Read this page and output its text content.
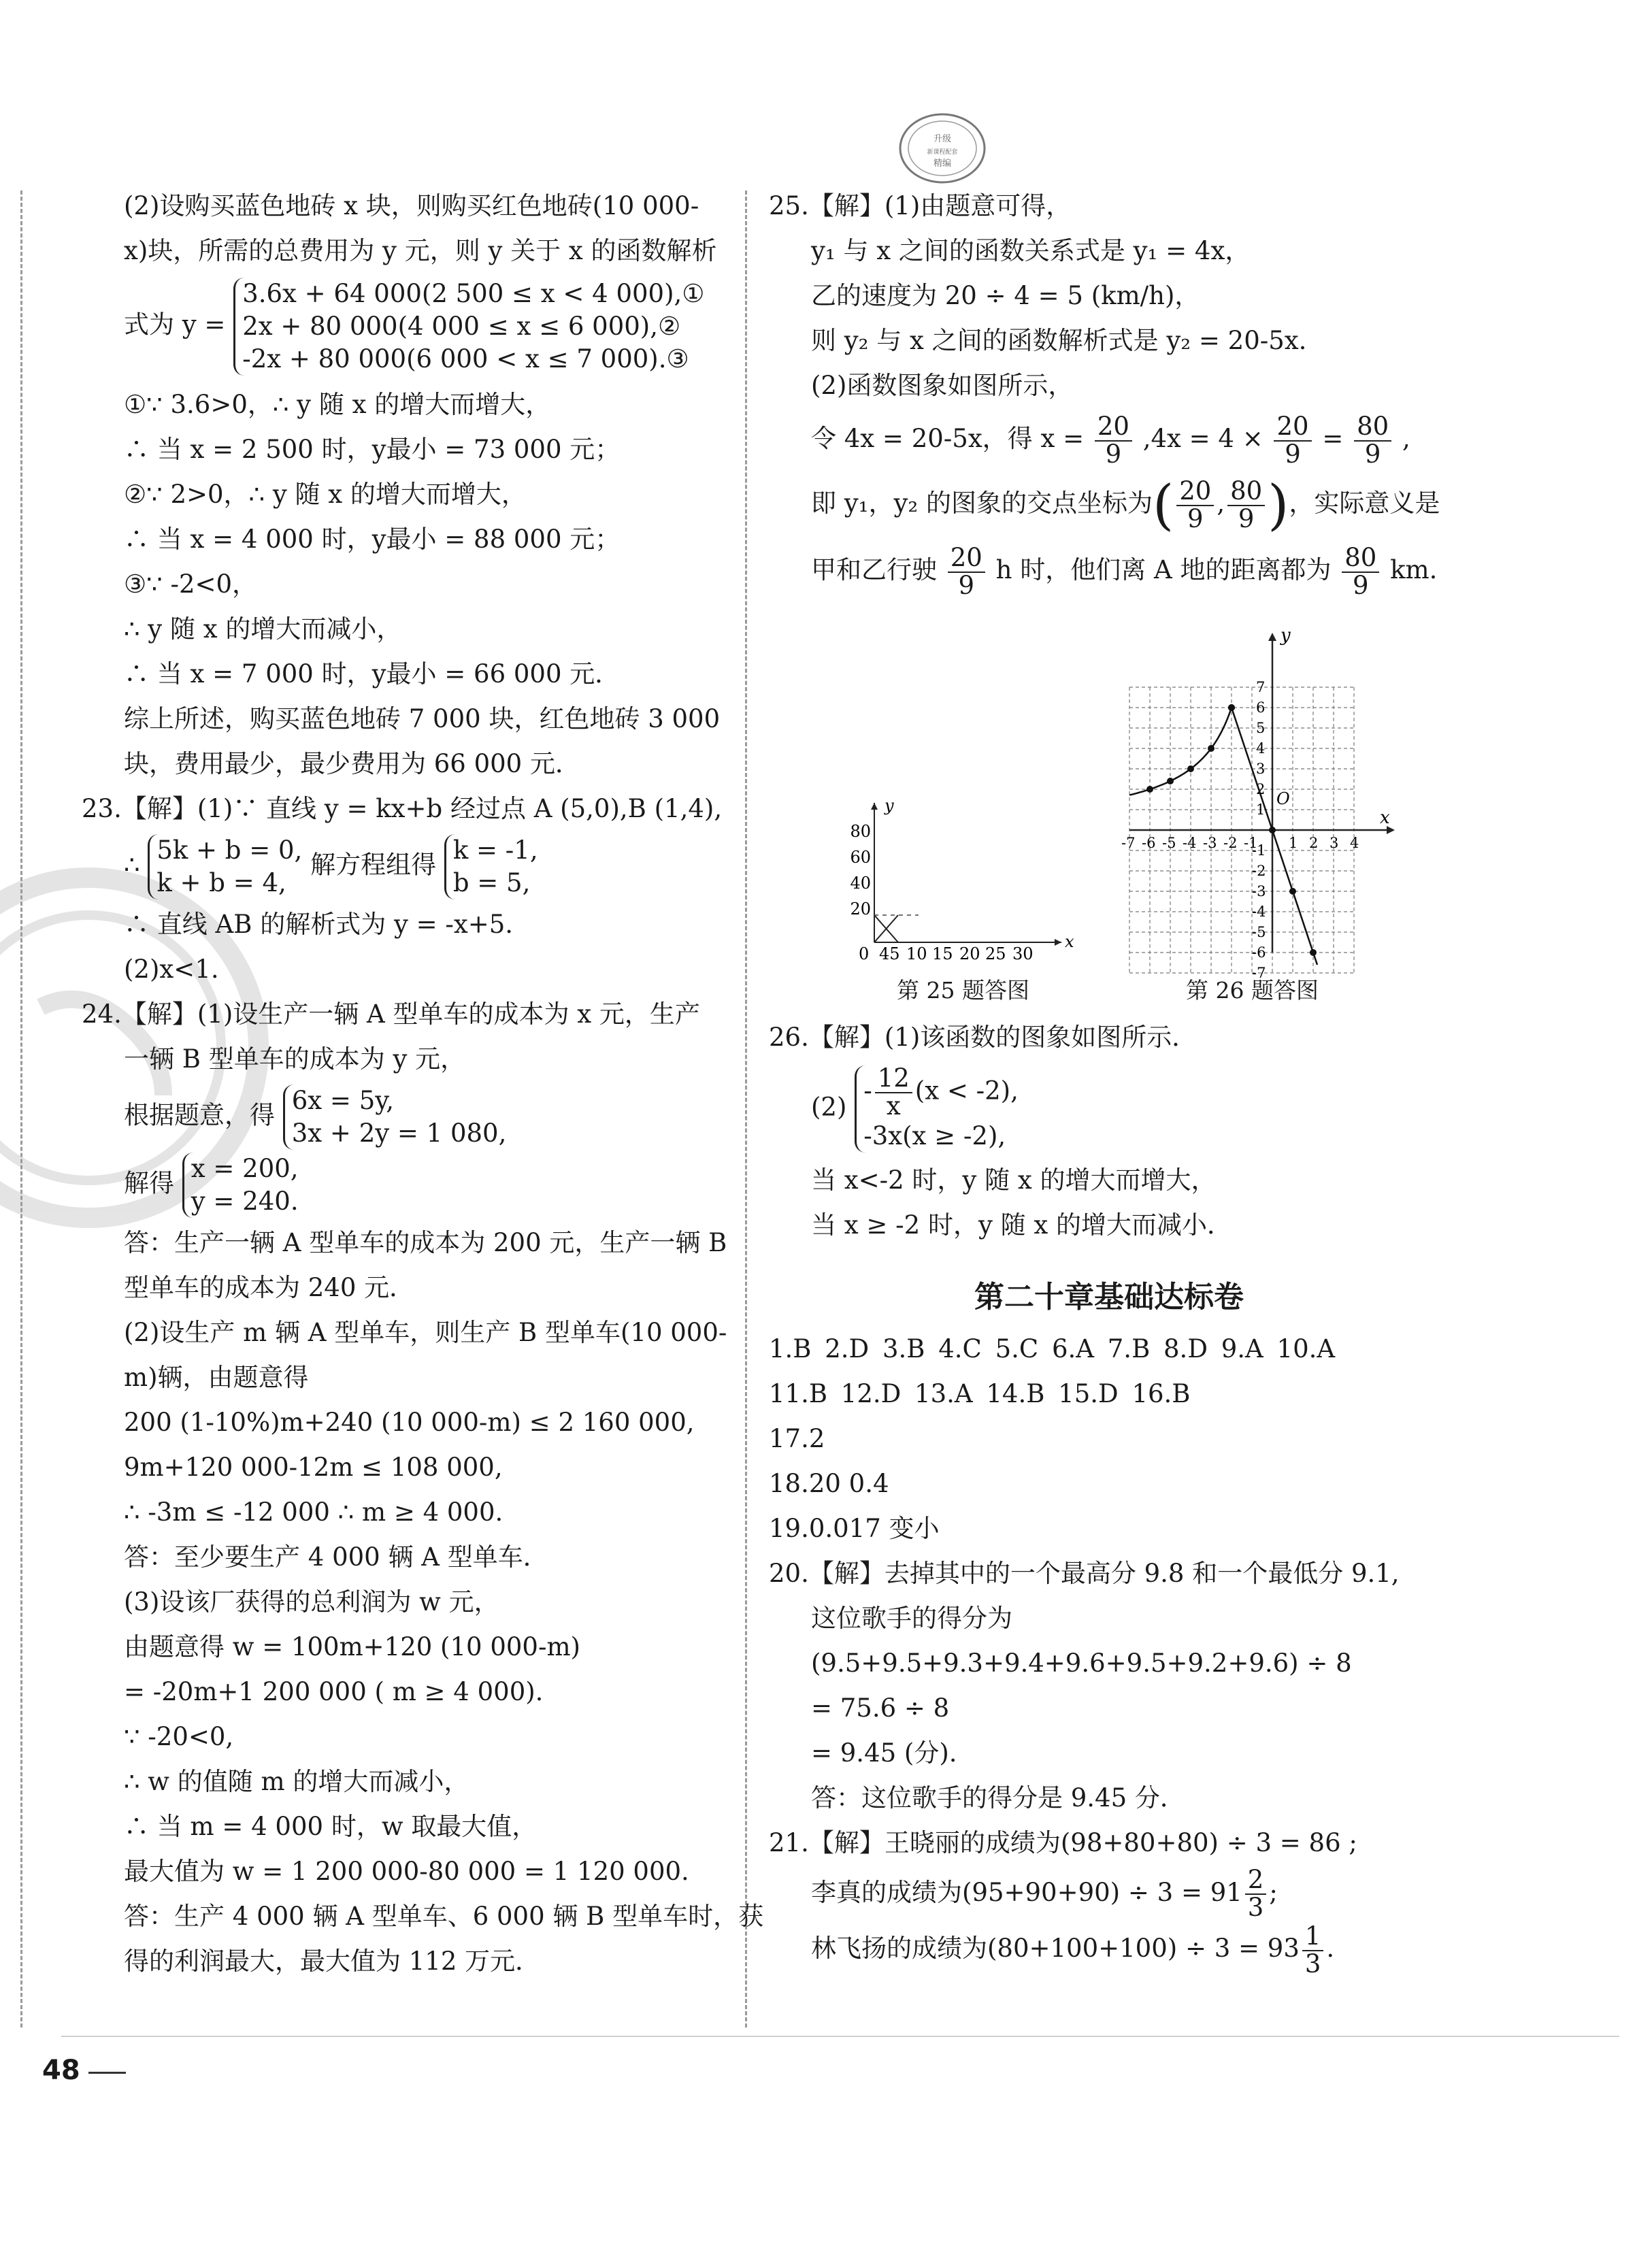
升级
新课程配套
精编
(2)设购买蓝色地砖 x 块，则购买红色地砖(10 000-
x)块，所需的总费用为 y 元，则 y 关于 x 的函数解析
式为 y =
3.6x + 64 000(2 500 ≤ x < 4 000),①
2x + 80 000(4 000 ≤ x ≤ 6 000),②
-2x + 80 000(6 000 < x ≤ 7 000).③
①∵ 3.6>0，∴ y 随 x 的增大而增大，
∴ 当 x = 2 500 时，y最小 = 73 000 元；
②∵ 2>0，∴ y 随 x 的增大而增大，
∴ 当 x = 4 000 时，y最小 = 88 000 元；
③∵ -2<0，
∴ y 随 x 的增大而减小，
∴ 当 x = 7 000 时，y最小 = 66 000 元．
综上所述，购买蓝色地砖 7 000 块，红色地砖 3 000
块，费用最少，最少费用为 66 000 元．
23.【解】(1)∵ 直线 y = kx+b 经过点 A (5,0),B (1,4),
∴ 5k + b = 0,
k + b = 4,
解方程组得 k = -1,
b = 5,
∴ 直线 AB 的解析式为 y = -x+5.
(2)x<1.
24.【解】(1)设生产一辆 A 型单车的成本为 x 元，生产
一辆 B 型单车的成本为 y 元，
根据题意，得 6x = 5y,
3x + 2y = 1 080,
解得 x = 200,
y = 240.
答：生产一辆 A 型单车的成本为 200 元，生产一辆 B
型单车的成本为 240 元．
(2)设生产 m 辆 A 型单车，则生产 B 型单车(10 000-
m)辆，由题意得
200 (1-10%)m+240 (10 000-m) ≤ 2 160 000,
9m+120 000-12m ≤ 108 000,
∴ -3m ≤ -12 000 ∴ m ≥ 4 000.
答：至少要生产 4 000 辆 A 型单车．
(3)设该厂获得的总利润为 w 元，
由题意得 w = 100m+120 (10 000-m)
= -20m+1 200 000 ( m ≥ 4 000).
∵ -20<0,
∴ w 的值随 m 的增大而减小，
∴ 当 m = 4 000 时，w 取最大值，
最大值为 w = 1 200 000-80 000 = 1 120 000.
答：生产 4 000 辆 A 型单车、6 000 辆 B 型单车时，获
得的利润最大，最大值为 112 万元．
25.【解】(1)由题意可得，
y₁ 与 x 之间的函数关系式是 y₁ = 4x，
乙的速度为 20 ÷ 4 = 5 (km/h)，
则 y₂ 与 x 之间的函数解析式是 y₂ = 20-5x.
(2)函数图象如图所示，
令 4x = 20-5x，得 $x = \frac{20}{9} ,4x = 4 \times \frac{20}{9} = \frac{80}{9}$ ,
即 y₁，y₂ 的图象的交点坐标为( $\frac{20}{9}$ , $\frac{80}{9}$ )，实际意义是
甲和乙行驶 $\frac{20}{9}$ h 时，他们离 A 地的距离都为 $\frac{80}{9}$ km.
y
x
80
60
40
20
0 45 10 15 20 25 30
第 25 题答图
y
x
O
7
6
5
4
3
2
1
-1
-2
-3
-4
-5
-6
-7
-7 -6 -5 -4 -3 -2 -1 1 2 3 4
第 26 题答图
26.【解】(1)该函数的图象如图所示．
(2)
- $\frac{12}{x} (x < -2)$,
-3x(x ≥ -2),
当 x<-2 时，y 随 x 的增大而增大，
当 x ≥ -2 时，y 随 x 的增大而减小．
第二十章基础达标卷
1.B 2.D 3.B 4.C 5.C 6.A 7.B 8.D 9.A 10.A
11.B 12.D 13.A 14.B 15.D 16.B
17.2
18.20 0.4
19.0.017 变小
20.【解】去掉其中的一个最高分 9.8 和一个最低分 9.1,
这位歌手的得分为
(9.5+9.5+9.3+9.4+9.6+9.5+9.2+9.6) ÷ 8
= 75.6 ÷ 8
= 9.45 (分).
答：这位歌手的得分是 9.45 分．
21.【解】王晓丽的成绩为(98+80+80) ÷ 3 = 86 ;
李真的成绩为$(95+90+90) \div 3 = 91 \frac{2}{3}$ ;
林飞扬的成绩为$(80+100+100) \div 3 = 93 \frac{1}{3}$ .
48
